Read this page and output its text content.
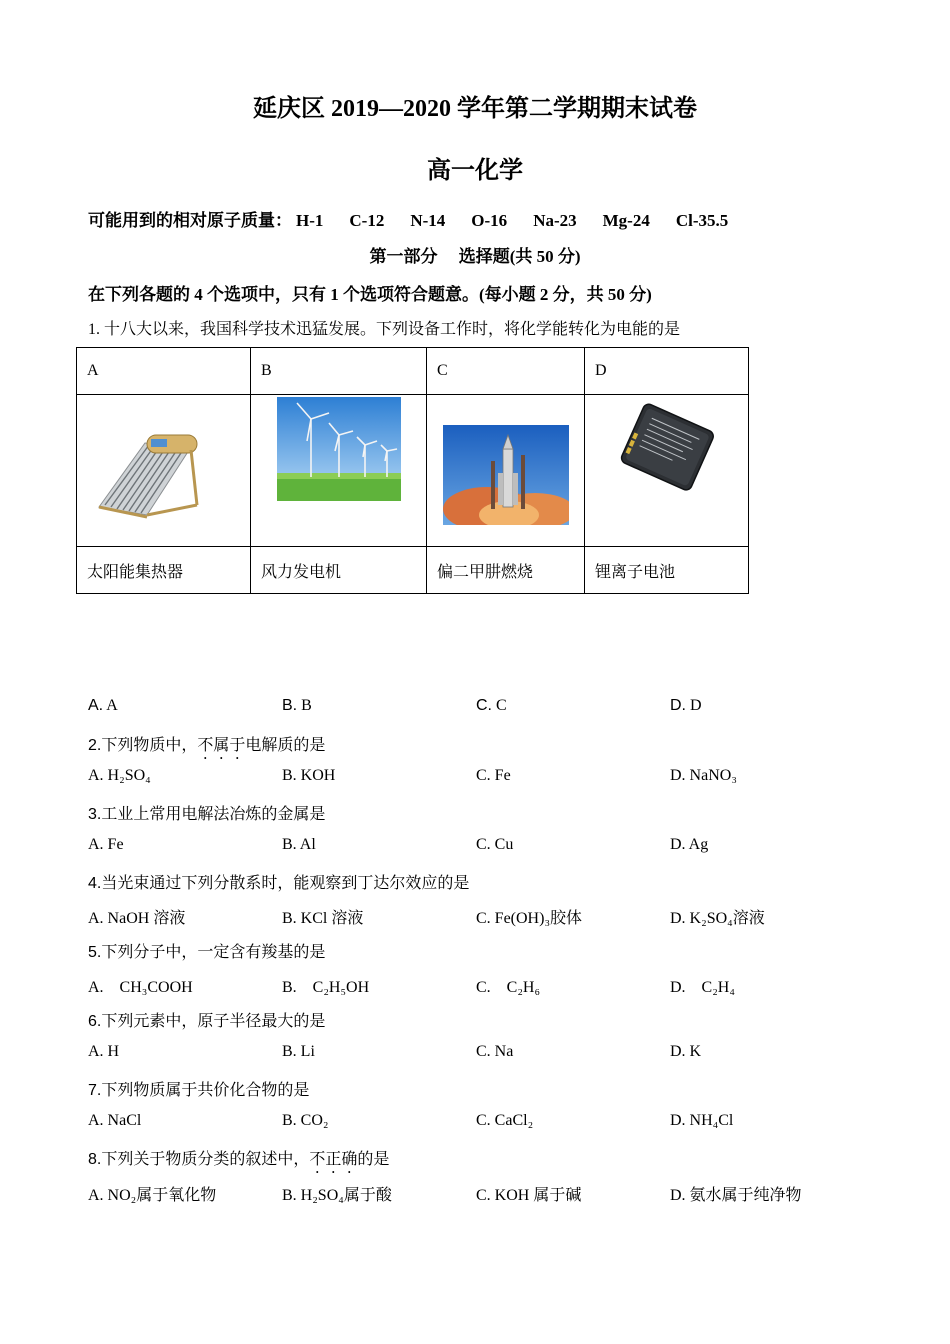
延庆区 2019—2020 学年第二学期期末试卷
高一化学
可能用到的相对原子质量： H-1 C-12 N-14 O-16 Na-23 Mg-24 Cl-35.5
第一部分　 选择题(共 50 分)
在下列各题的 4 个选项中，只有 1 个选项符合题意。(每小题 2 分，共 50 分)
1. 十八大以来，我国科学技术迅猛发展。下列设备工作时，将化学能转化为电能的是
A	B	C	D

太阳能集热器	风力发电机	偏二甲肼燃烧	锂离子电池
A. A	B. B	C. C	D. D
2.下列物质中，不属于电解质的是
A. H₂SO₄	B. KOH	C. Fe	D. NaNO₃
3.工业上常用电解法冶炼的金属是
A. Fe	B. Al	C. Cu	D. Ag
4.当光束通过下列分散系时，能观察到丁达尔效应的是
A. NaOH 溶液	B. KCl 溶液	C. Fe(OH)₃胶体	D. K₂SO₄溶液
5.下列分子中，一定含有羧基的是
A.　CH₃COOH	B.　C₂H₅OH	C.　C₂H₆	D.　C₂H₄
6.下列元素中，原子半径最大的是
A. H	B. Li	C. Na	D. K
7.下列物质属于共价化合物的是
A. NaCl	B. CO₂	C. CaCl₂	D. NH₄Cl
8.下列关于物质分类的叙述中，不正确的是
A. NO₂属于氧化物	B. H₂SO₄属于酸	C. KOH 属于碱	D. 氨水属于纯净物
